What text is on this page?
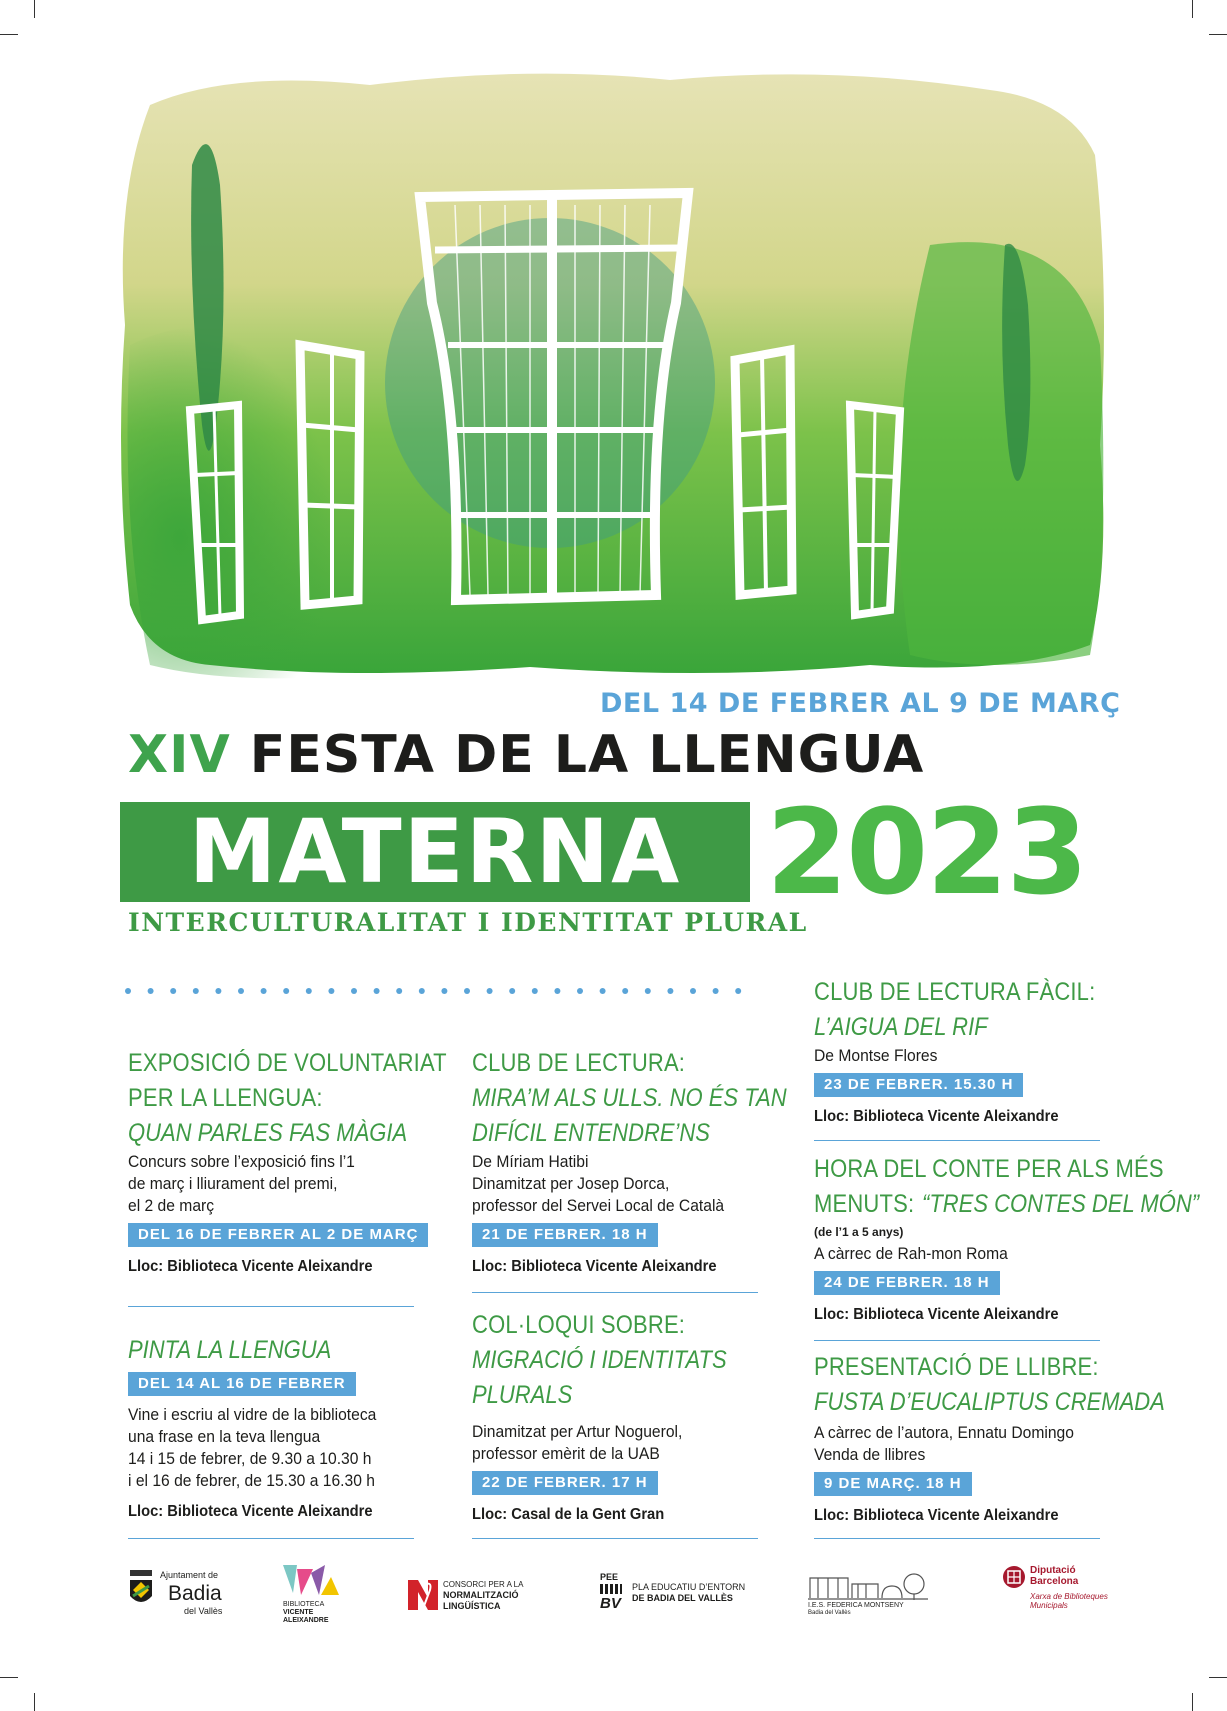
DEL 14 DE FEBRER AL 9 DE MARÇ
XIV FESTA DE LA LLENGUA
MATERNA 2023
INTERCULTURALITAT I IDENTITAT PLURAL
EXPOSICIÓ DE VOLUNTARIAT
PER LA LLENGUA:
QUAN PARLES FAS MÀGIA
Concurs sobre l’exposició fins l’1
de març i lliurament del premi,
el 2 de març
DEL 16 DE FEBRER AL 2 DE MARÇ
Lloc: Biblioteca Vicente Aleixandre
PINTA LA LLENGUA
DEL 14 AL 16 DE FEBRER
Vine i escriu al vidre de la biblioteca
una frase en la teva llengua
14 i 15 de febrer, de 9.30 a 10.30 h
i el 16 de febrer, de 15.30 a 16.30 h
Lloc: Biblioteca Vicente Aleixandre
CLUB DE LECTURA:
MIRA’M ALS ULLS. NO ÉS TAN
DIFÍCIL ENTENDRE’NS
De Míriam Hatibi
Dinamitzat per Josep Dorca,
professor del Servei Local de Català
21 DE FEBRER. 18 H
Lloc: Biblioteca Vicente Aleixandre
COL·LOQUI SOBRE:
MIGRACIÓ I IDENTITATS
PLURALS
Dinamitzat per Artur Noguerol,
professor emèrit de la UAB
22 DE FEBRER. 17 H
Lloc: Casal de la Gent Gran
CLUB DE LECTURA FÀCIL:
L’AIGUA DEL RIF
De Montse Flores
23 DE FEBRER. 15.30 H
Lloc: Biblioteca Vicente Aleixandre
HORA DEL CONTE PER ALS MÉS
MENUTS: “TRES CONTES DEL MÓN”
(de l’1 a 5 anys)
A càrrec de Rah-mon Roma
24 DE FEBRER. 18 H
Lloc: Biblioteca Vicente Aleixandre
PRESENTACIÓ DE LLIBRE:
FUSTA D’EUCALIPTUS CREMADA
A càrrec de l’autora, Ennatu Domingo
Venda de llibres
9 DE MARÇ. 18 H
Lloc: Biblioteca Vicente Aleixandre
Ajuntament de
Badia
del Vallès
BIBLIOTECA
VICENTE
ALEIXANDRE
CONSORCI PER A LA
NORMALITZACIÓ
LINGÜÍSTICA
PEE
BV
PLA EDUCATIU D’ENTORN
DE BADIA DEL VALLÈS
I.E.S. FEDERICA MONTSENY
Badia del Vallès
Diputació
Barcelona
Xarxa de Biblioteques
Municipals
